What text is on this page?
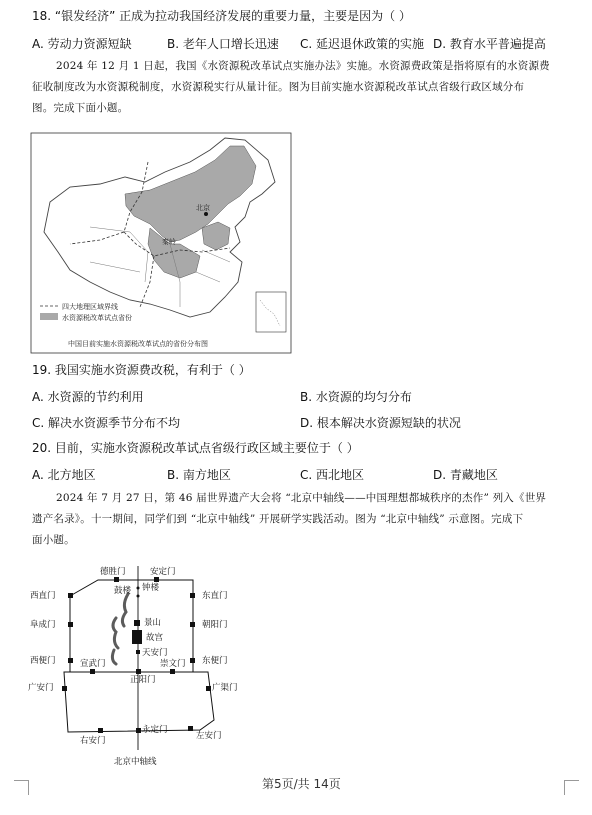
18. “银发经济” 正成为拉动我国经济发展的重要力量，主要是因为（ ）
A. 劳动力资源短缺	B. 老年人口增长迅速 C. 延迟退休政策的实施 D. 教育水平普遍提高
2024 年 12 月 1 日起，我国《水资源税改革试点实施办法》实施。水资源费政策是指将原有的水资源费
征收制度改为水资源税制度，水资源税实行从量计征。图为目前实施水资源税改革试点省级行政区域分布
图。完成下面小题。
北京
秦岭
四大地理区域界线
水资源税改革试点省份
中国目前实施水资源税改革试点的省份分布图
19. 我国实施水资源费改税，有利于（ ）
A. 水资源的节约利用	B. 水资源的均匀分布
C. 解决水资源季节分布不均	D. 根本解决水资源短缺的状况
20. 目前，实施水资源税改革试点省级行政区域主要位于（ ）
A. 北方地区	B. 南方地区	C. 西北地区	D. 青藏地区
2024 年 7 月 27 日，第 46 届世界遗产大会将 “北京中轴线——中国理想都城秩序的杰作” 列入《世界
遗产名录》。十一期间，同学们到 “北京中轴线” 开展研学实践活动。图为 “北京中轴线” 示意图。完成下
面小题。
德胜门	安定门
西直门	东直门
阜成门	朝阳门
西便门	东便门
宣武门	崇文门
正阳门
广安门	广渠门
右安门
永定门
左安门
鼓楼 钟楼
景山
故宫
天安门
北京中轴线
第5页/共 14页
